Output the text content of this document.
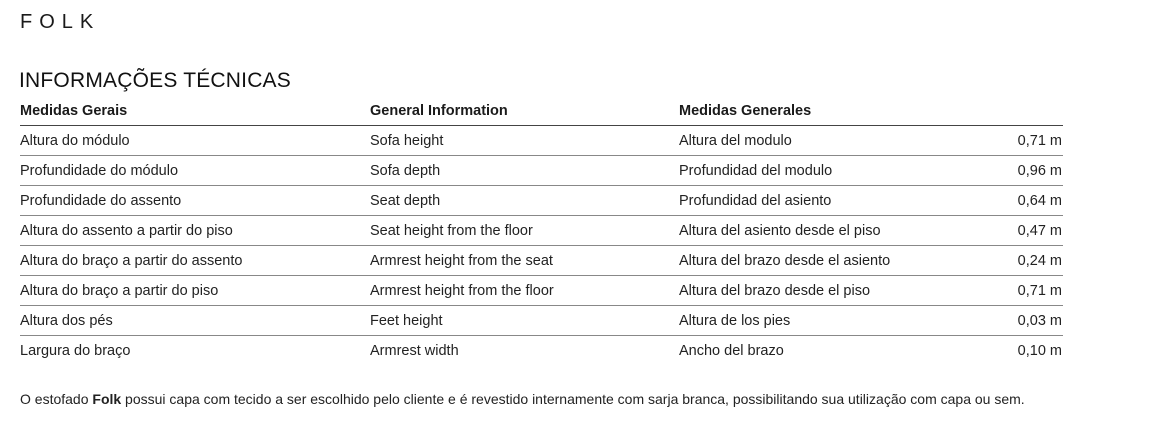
FOLK
INFORMAÇÕES TÉCNICAS
Medidas Gerais	General Information	Medidas Generales	
Altura do módulo	Sofa height	Altura del modulo	0,71 m
Profundidade do módulo	Sofa depth	Profundidad del modulo	0,96 m
Profundidade do assento	Seat depth	Profundidad del asiento	0,64 m
Altura do assento a partir do piso	Seat height from the floor	Altura del asiento desde el piso	0,47 m
Altura do braço a partir do assento	Armrest height from the seat	Altura del brazo desde el asiento	0,24 m
Altura do braço a partir do piso	Armrest height from the floor	Altura del brazo desde el piso	0,71 m
Altura dos pés	Feet height	Altura de los pies	0,03 m
Largura do braço	Armrest width	Ancho del brazo	0,10 m
O estofado Folk possui capa com tecido a ser escolhido pelo cliente e é revestido internamente com sarja branca, possibilitando sua utilização com capa ou sem.
